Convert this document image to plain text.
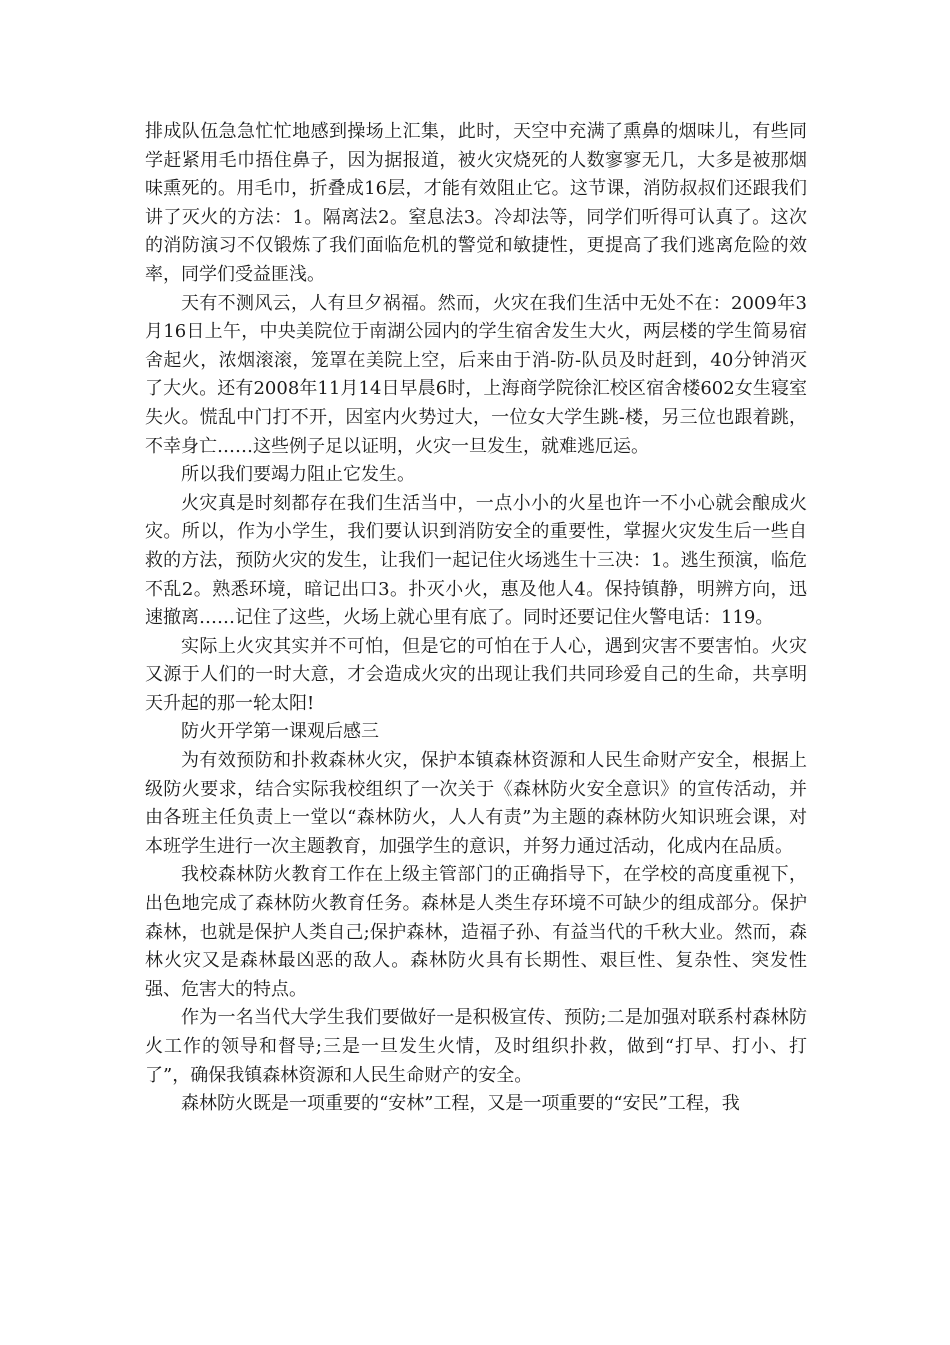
排成队伍急急忙忙地感到操场上汇集，此时，天空中充满了熏鼻的烟味儿，有些同学赶紧用毛巾捂住鼻子，因为据报道，被火灾烧死的人数寥寥无几，大多是被那烟味熏死的。用毛巾，折叠成16层，才能有效阻止它。这节课，消防叔叔们还跟我们讲了灭火的方法：1。隔离法2。窒息法3。冷却法等，同学们听得可认真了。这次的消防演习不仅锻炼了我们面临危机的警觉和敏捷性，更提高了我们逃离危险的效率，同学们受益匪浅。

天有不测风云，人有旦夕祸福。然而，火灾在我们生活中无处不在：2009年3月16日上午，中央美院位于南湖公园内的学生宿舍发生大火，两层楼的学生简易宿舍起火，浓烟滚滚，笼罩在美院上空，后来由于消-防-队员及时赶到，40分钟消灭了大火。还有2008年11月14日早晨6时，上海商学院徐汇校区宿舍楼602女生寝室失火。慌乱中门打不开，因室内火势过大，一位女大学生跳-楼，另三位也跟着跳，不幸身亡……这些例子足以证明，火灾一旦发生，就难逃厄运。

所以我们要竭力阻止它发生。

火灾真是时刻都存在我们生活当中，一点小小的火星也许一不小心就会酿成火灾。所以，作为小学生，我们要认识到消防安全的重要性，掌握火灾发生后一些自救的方法，预防火灾的发生，让我们一起记住火场逃生十三决：1。逃生预演，临危不乱2。熟悉环境，暗记出口3。扑灭小火，惠及他人4。保持镇静，明辨方向，迅速撤离……记住了这些，火场上就心里有底了。同时还要记住火警电话：119。

实际上火灾其实并不可怕，但是它的可怕在于人心，遇到灾害不要害怕。火灾又源于人们的一时大意，才会造成火灾的出现让我们共同珍爱自己的生命，共享明天升起的那一轮太阳!

防火开学第一课观后感三

为有效预防和扑救森林火灾，保护本镇森林资源和人民生命财产安全，根据上级防火要求，结合实际我校组织了一次关于《森林防火安全意识》的宣传活动，并由各班主任负责上一堂以“森林防火，人人有责”为主题的森林防火知识班会课，对本班学生进行一次主题教育，加强学生的意识，并努力通过活动，化成内在品质。

我校森林防火教育工作在上级主管部门的正确指导下，在学校的高度重视下，出色地完成了森林防火教育任务。森林是人类生存环境不可缺少的组成部分。保护森林，也就是保护人类自己;保护森林，造福子孙、有益当代的千秋大业。然而，森林火灾又是森林最凶恶的敌人。森林防火具有长期性、艰巨性、复杂性、突发性强、危害大的特点。

作为一名当代大学生我们要做好一是积极宣传、预防;二是加强对联系村森林防火工作的领导和督导;三是一旦发生火情，及时组织扑救，做到“打早、打小、打了”，确保我镇森林资源和人民生命财产的安全。

森林防火既是一项重要的“安林”工程，又是一项重要的“安民”工程，我
